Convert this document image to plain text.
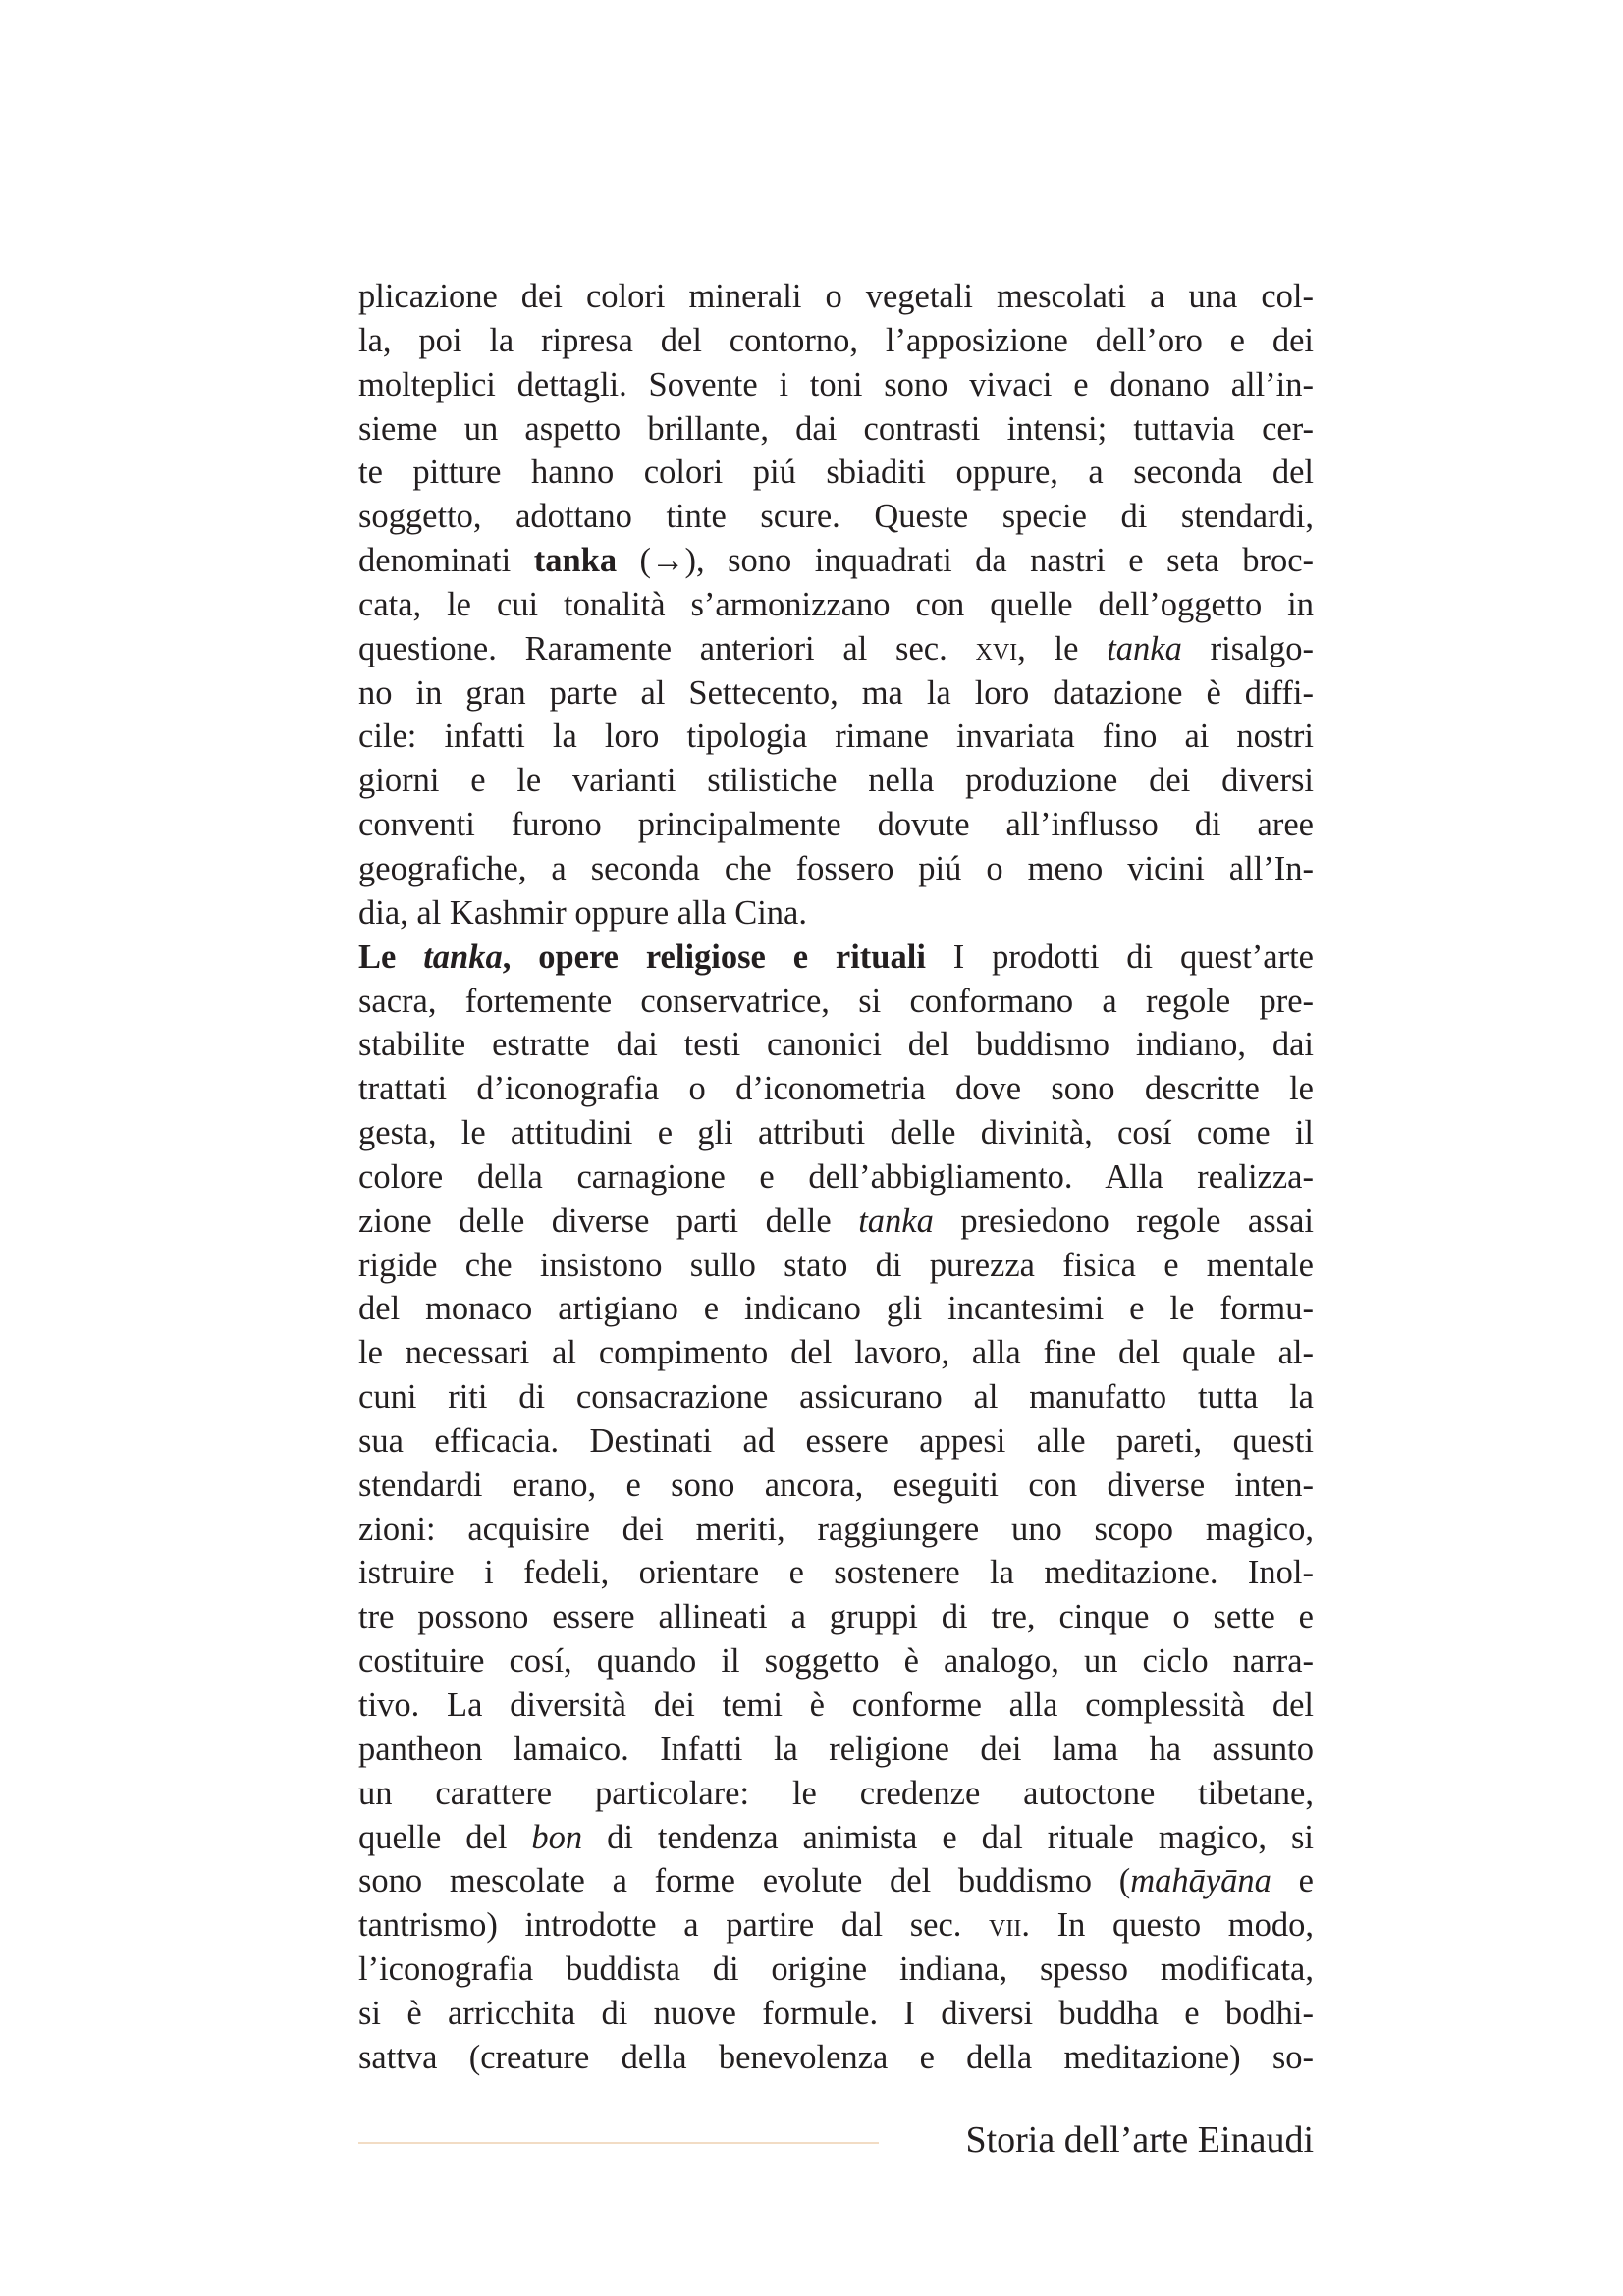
plicazione dei colori minerali o vegetali mescolati a una col-
la, poi la ripresa del contorno, l’apposizione dell’oro e dei
molteplici dettagli. Sovente i toni sono vivaci e donano all’in-
sieme un aspetto brillante, dai contrasti intensi; tuttavia cer-
te pitture hanno colori piú sbiaditi oppure, a seconda del
soggetto, adottano tinte scure. Queste specie di stendardi,
denominati tanka (→), sono inquadrati da nastri e seta broc-
cata, le cui tonalità s’armonizzano con quelle dell’oggetto in
questione. Raramente anteriori al sec. xvi, le tanka risalgo-
no in gran parte al Settecento, ma la loro datazione è diffi-
cile: infatti la loro tipologia rimane invariata fino ai nostri
giorni e le varianti stilistiche nella produzione dei diversi
conventi furono principalmente dovute all’influsso di aree
geografiche, a seconda che fossero piú o meno vicini all’In-
dia, al Kashmir oppure alla Cina.
Le tanka, opere religiose e rituali I prodotti di quest’arte
sacra, fortemente conservatrice, si conformano a regole pre-
stabilite estratte dai testi canonici del buddismo indiano, dai
trattati d’iconografia o d’iconometria dove sono descritte le
gesta, le attitudini e gli attributi delle divinità, cosí come il
colore della carnagione e dell’abbigliamento. Alla realizza-
zione delle diverse parti delle tanka presiedono regole assai
rigide che insistono sullo stato di purezza fisica e mentale
del monaco artigiano e indicano gli incantesimi e le formu-
le necessari al compimento del lavoro, alla fine del quale al-
cuni riti di consacrazione assicurano al manufatto tutta la
sua efficacia. Destinati ad essere appesi alle pareti, questi
stendardi erano, e sono ancora, eseguiti con diverse inten-
zioni: acquisire dei meriti, raggiungere uno scopo magico,
istruire i fedeli, orientare e sostenere la meditazione. Inol-
tre possono essere allineati a gruppi di tre, cinque o sette e
costituire cosí, quando il soggetto è analogo, un ciclo narra-
tivo. La diversità dei temi è conforme alla complessità del
pantheon lamaico. Infatti la religione dei lama ha assunto
un carattere particolare: le credenze autoctone tibetane,
quelle del bon di tendenza animista e dal rituale magico, si
sono mescolate a forme evolute del buddismo (mahāyāna e
tantrismo) introdotte a partire dal sec. vii. In questo modo,
l’iconografia buddista di origine indiana, spesso modificata,
si è arricchita di nuove formule. I diversi buddha e bodhi-
sattva (creature della benevolenza e della meditazione) so-
Storia dell’arte Einaudi
